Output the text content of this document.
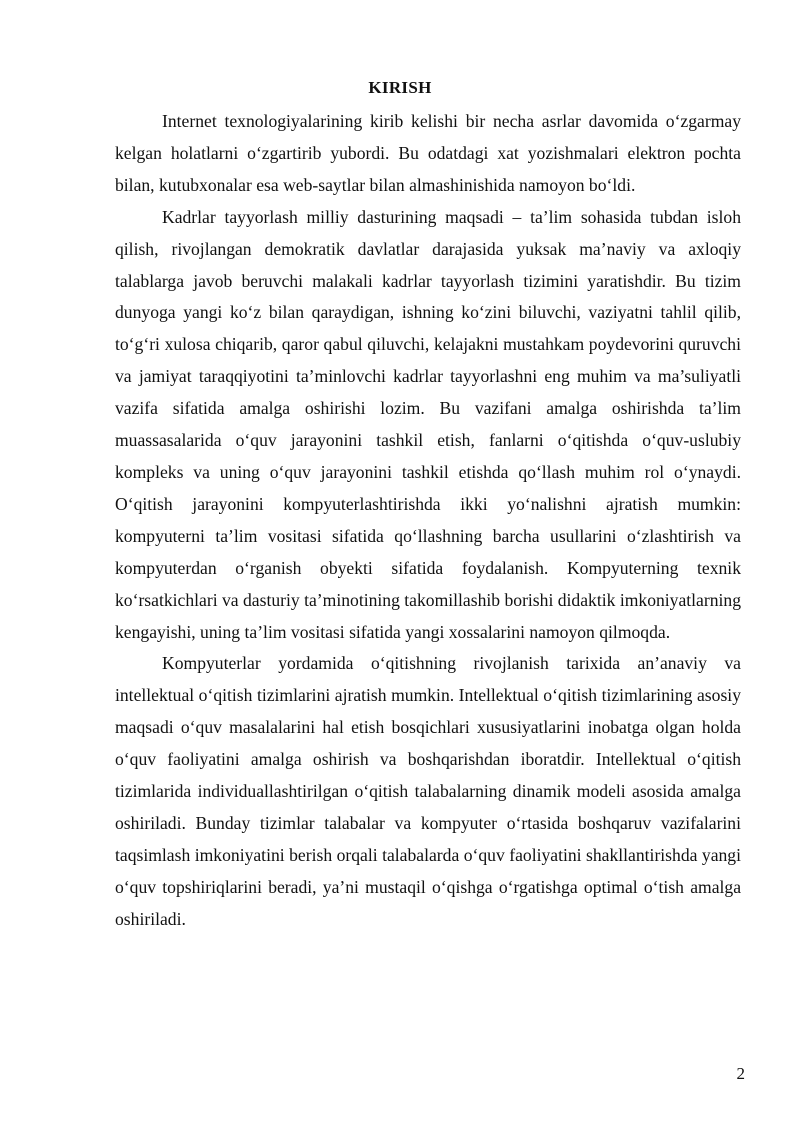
KIRISH

Internet texnologiyalarining kirib kelishi bir necha asrlar davomida o‘zgarmay kelgan holatlarni o‘zgartirib yubordi. Bu odatdagi xat yozishmalari elektron pochta bilan, kutubxonalar esa web-saytlar bilan almashinishida namoyon bo‘ldi.

Kadrlar tayyorlash milliy dasturining maqsadi – ta’lim sohasida tubdan isloh qilish, rivojlangan demokratik davlatlar darajasida yuksak ma’naviy va axloqiy talablarga javob beruvchi malakali kadrlar tayyorlash tizimini yaratishdir. Bu tizim dunyoga yangi ko‘z bilan qaraydigan, ishning ko‘zini biluvchi, vaziyatni tahlil qilib, to‘g‘ri xulosa chiqarib, qaror qabul qiluvchi, kelajakni mustahkam poydevorini quruvchi va jamiyat taraqqiyotini ta’minlovchi kadrlar tayyorlashni eng muhim va ma’suliyatli vazifa sifatida amalga oshirishi lozim. Bu vazifani amalga oshirishda ta’lim muassasalarida o‘quv jarayonini tashkil etish, fanlarni o‘qitishda o‘quv-uslubiy kompleks va uning o‘quv jarayonini tashkil etishda qo‘llash muhim rol o‘ynaydi. O‘qitish jarayonini kompyuterlashtirishda ikki yo‘nalishni ajratish mumkin: kompyuterni ta’lim vositasi sifatida qo‘llashning barcha usullarini o‘zlashtirish va kompyuterdan o‘rganish obyekti sifatida foydalanish. Kompyuterning texnik ko‘rsatkichlari va dasturiy ta’minotining takomillashib borishi didaktik imkoniyatlarning kengayishi, uning ta’lim vositasi sifatida yangi xossalarini namoyon qilmoqda.

Kompyuterlar yordamida o‘qitishning rivojlanish tarixida an’anaviy va intellektual o‘qitish tizimlarini ajratish mumkin. Intellektual o‘qitish tizimlarining asosiy maqsadi o‘quv masalalarini hal etish bosqichlari xususiyatlarini inobatga olgan holda o‘quv faoliyatini amalga oshirish va boshqarishdan iboratdir. Intellektual o‘qitish tizimlarida individuallashtirilgan o‘qitish talabalarning dinamik modeli asosida amalga oshiriladi. Bunday tizimlar talabalar va kompyuter o‘rtasida boshqaruv vazifalarini taqsimlash imkoniyatini berish orqali talabalarda o‘quv faoliyatini shakllantirishda yangi o‘quv topshiriqlarini beradi, ya’ni mustaqil o‘qishga o‘rgatishga optimal o‘tish amalga oshiriladi.

2
